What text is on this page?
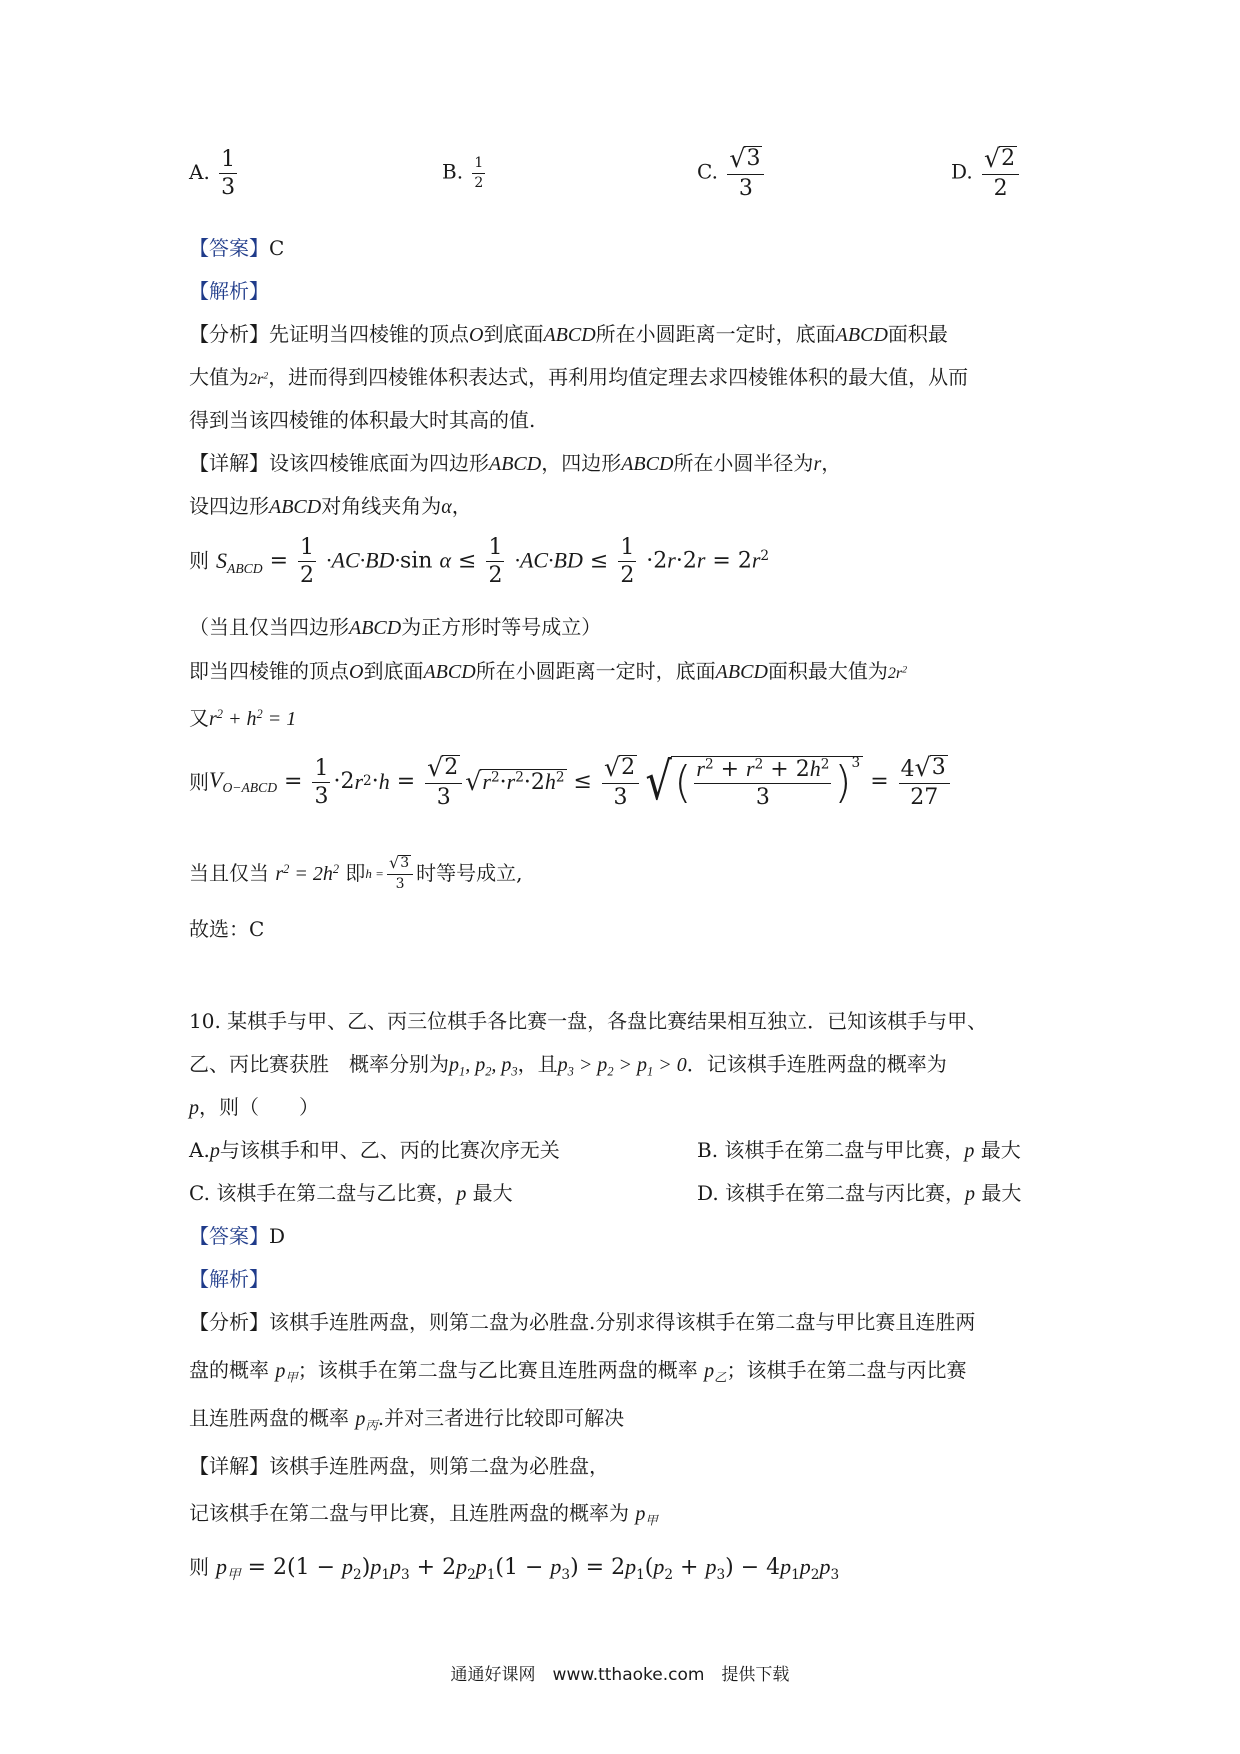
A. $\frac{1}{3}$	B. $\frac{1}{2}$	C. $\frac{√ 3}{3}$	D. $\frac{√ 2}{2}$
【答案】C
【解析】
【分析】先证明当四棱锥的顶点O到底面ABCD所在小圆距离一定时，底面ABCD面积最
大值为$2r^2$，进而得到四棱锥体积表达式，再利用均值定理去求四棱锥体积的最大值，从而
得到当该四棱锥的体积最大时其高的值.
【详解】设该四棱锥底面为四边形ABCD，四边形ABCD所在小圆半径为r，
设四边形ABCD对角线夹角为α，
则 $S_{ABCD} = \frac{1}{2} \cdot AC\cdot BD\cdot\sin$ $\alpha \le \frac{1}{2} \cdot AC\cdot BD \le \frac{1}{2} \cdot 2r\cdot 2r = 2r^2$
（当且仅当四边形ABCD为正方形时等号成立）
即当四棱锥的顶点O到底面ABCD所在小圆距离一定时，底面ABCD面积最大值为$2r^2$
又$r^2 + h^2 = 1$
则 $V_{O-ABCD} = \frac{1}{3} \cdot 2$ r $2 \cdot h = \frac{√ 2}{3}$ √ $r^2\cdot r^2\cdot 2h^2 \le \frac{√ 2}{3}$ √ ( $\frac{r^2 + r^2 + 2h^2}{3} )^3$
= $\frac{4 √ 3}{27}$
当且仅当
$r^2 = 2h^2$
即 $h = \frac{√ 3}{3}$ 时等号成立,
故选：C
10. 某棋手与甲、乙、丙三位棋手各比赛一盘，各盘比赛结果相互独立．已知该棋手与甲、
乙、丙比赛获胜　概率分别为$p_1$, $p_2$, $p_3$，且$p_3 > p_2 > p_1 > 0$．记该棋手连胜两盘的概率为
p，则（　　）
A.p与该棋手和甲、乙、丙的比赛次序无关	B. 该棋手在第二盘与甲比赛，p 最大
C. 该棋手在第二盘与乙比赛，p 最大	D. 该棋手在第二盘与丙比赛，p 最大
【答案】D
【解析】
【分析】该棋手连胜两盘，则第二盘为必胜盘.分别求得该棋手在第二盘与甲比赛且连胜两
盘的概率 $p_甲$；该棋手在第二盘与乙比赛且连胜两盘的概率 $p_乙$；该棋手在第二盘与丙比赛
且连胜两盘的概率 $p_丙$.并对三者进行比较即可解决
【详解】该棋手连胜两盘，则第二盘为必胜盘，
记该棋手在第二盘与甲比赛，且连胜两盘的概率为 $p_甲$
则 $p_甲 = 2(1 - p_2)p_1p_3 + 2p_2p_1(1 - p_3) = 2p_1(p_2 + p_3) - 4p_1p_2p_3$
通通好课网　www.tthaoke.com　提供下载
